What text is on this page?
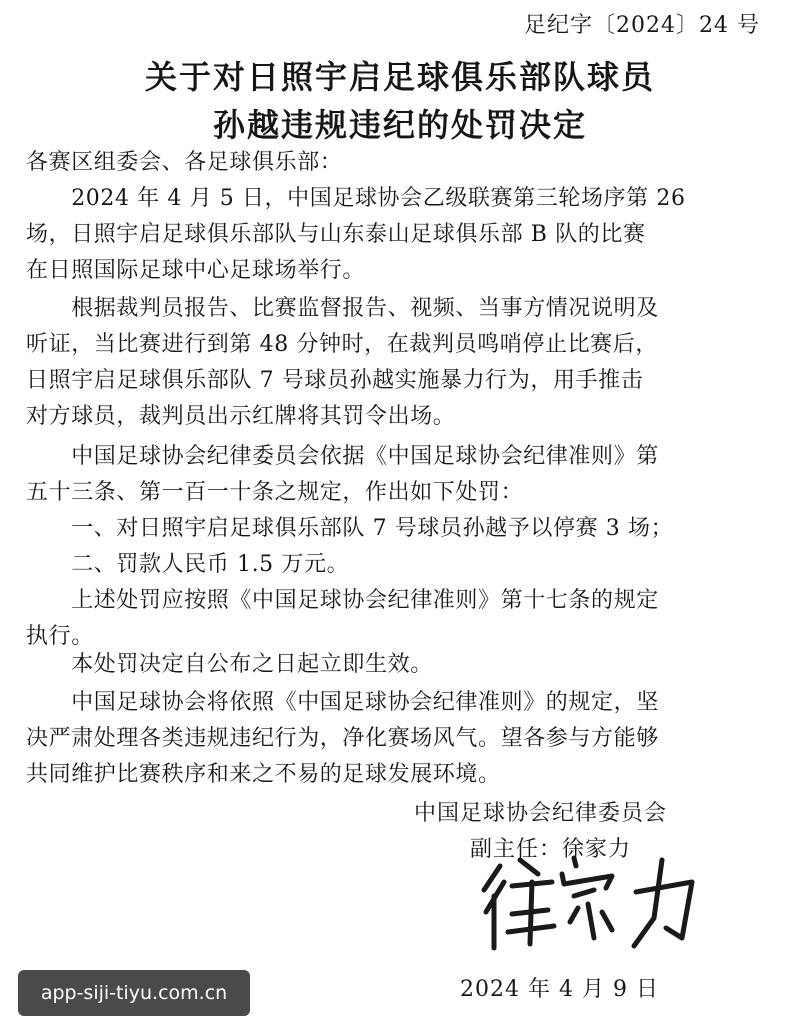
足纪字〔2024〕24 号
关于对日照宇启足球俱乐部队球员
孙越违规违纪的处罚决定
各赛区组委会、各足球俱乐部：
　　2024 年 4 月 5 日，中国足球协会乙级联赛第三轮场序第 26
场，日照宇启足球俱乐部队与山东泰山足球俱乐部 B 队的比赛
在日照国际足球中心足球场举行。
　　根据裁判员报告、比赛监督报告、视频、当事方情况说明及
听证，当比赛进行到第 48 分钟时，在裁判员鸣哨停止比赛后，
日照宇启足球俱乐部队 7 号球员孙越实施暴力行为，用手推击
对方球员，裁判员出示红牌将其罚令出场。
　　中国足球协会纪律委员会依据《中国足球协会纪律准则》第
五十三条、第一百一十条之规定，作出如下处罚：
　　一、对日照宇启足球俱乐部队 7 号球员孙越予以停赛 3 场；
　　二、罚款人民币 1.5 万元。
　　上述处罚应按照《中国足球协会纪律准则》第十七条的规定
执行。
　　本处罚决定自公布之日起立即生效。
　　中国足球协会将依照《中国足球协会纪律准则》的规定，坚
决严肃处理各类违规违纪行为，净化赛场风气。望各参与方能够
共同维护比赛秩序和来之不易的足球发展环境。
中国足球协会纪律委员会
副主任：徐家力
2024 年 4 月 9 日
app-siji-tiyu.com.cn
